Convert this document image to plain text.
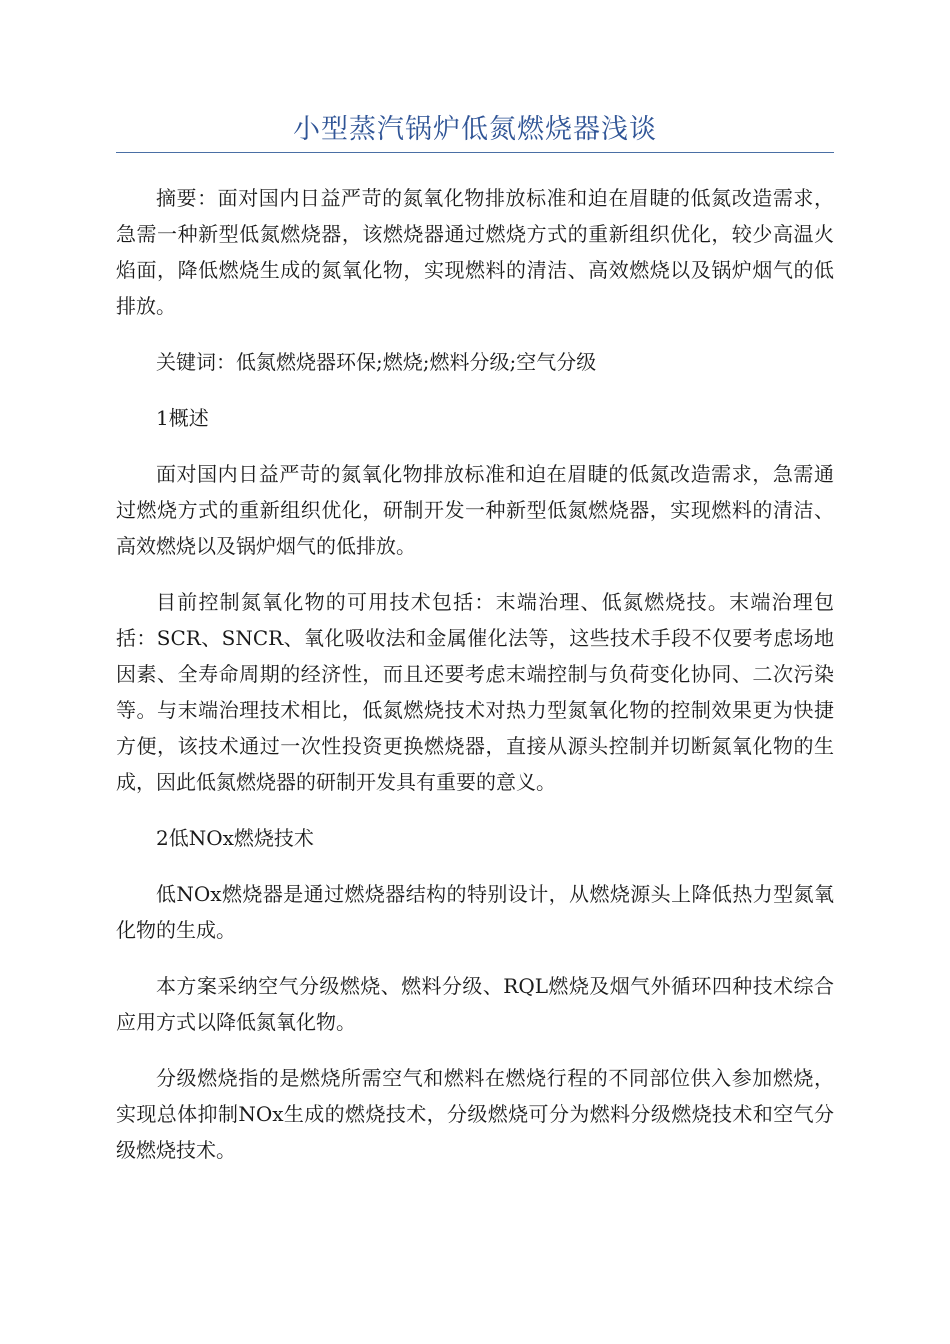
小型蒸汽锅炉低氮燃烧器浅谈

摘要：面对国内日益严苛的氮氧化物排放标准和迫在眉睫的低氮改造需求，急需一种新型低氮燃烧器，该燃烧器通过燃烧方式的重新组织优化，较少高温火焰面，降低燃烧生成的氮氧化物，实现燃料的清洁、高效燃烧以及锅炉烟气的低排放。

关键词：低氮燃烧器环保;燃烧;燃料分级;空气分级

1概述

面对国内日益严苛的氮氧化物排放标准和迫在眉睫的低氮改造需求，急需通过燃烧方式的重新组织优化，研制开发一种新型低氮燃烧器，实现燃料的清洁、高效燃烧以及锅炉烟气的低排放。

目前控制氮氧化物的可用技术包括：末端治理、低氮燃烧技。末端治理包括：SCR、SNCR、氧化吸收法和金属催化法等，这些技术手段不仅要考虑场地因素、全寿命周期的经济性，而且还要考虑末端控制与负荷变化协同、二次污染等。与末端治理技术相比，低氮燃烧技术对热力型氮氧化物的控制效果更为快捷方便，该技术通过一次性投资更换燃烧器，直接从源头控制并切断氮氧化物的生成，因此低氮燃烧器的研制开发具有重要的意义。

2低NOx燃烧技术

低NOx燃烧器是通过燃烧器结构的特别设计，从燃烧源头上降低热力型氮氧化物的生成。

本方案采纳空气分级燃烧、燃料分级、RQL燃烧及烟气外循环四种技术综合应用方式以降低氮氧化物。

分级燃烧指的是燃烧所需空气和燃料在燃烧行程的不同部位供入参加燃烧，实现总体抑制NOx生成的燃烧技术，分级燃烧可分为燃料分级燃烧技术和空气分级燃烧技术。
